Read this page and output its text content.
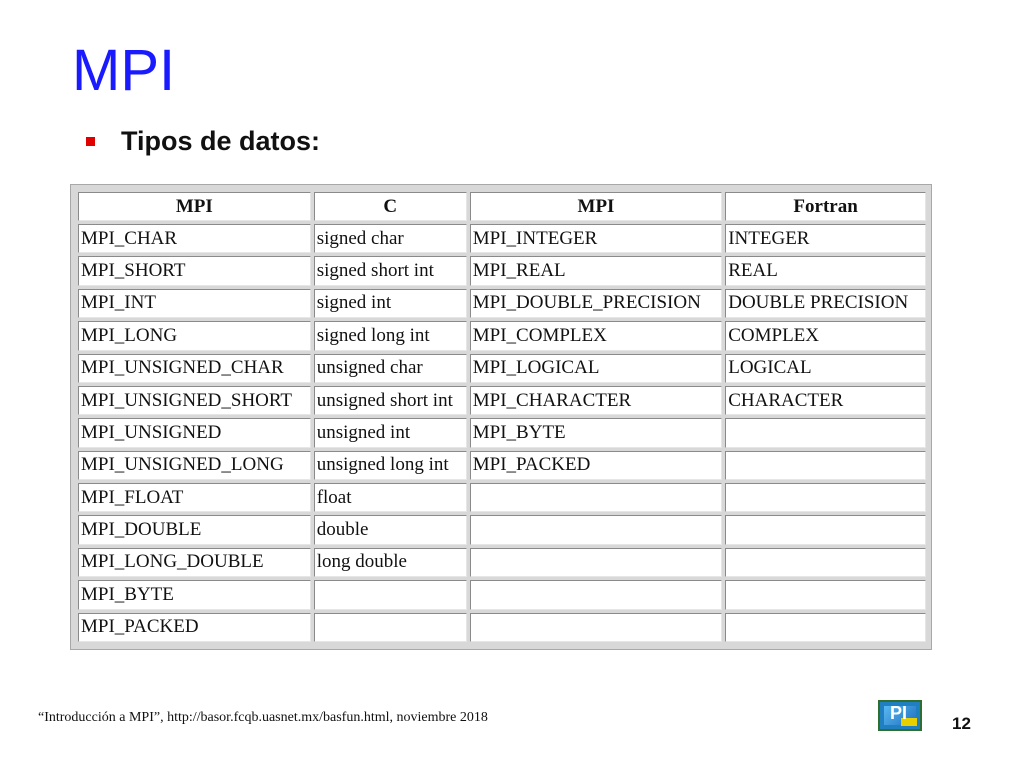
MPI
Tipos de datos:
MPI	C	MPI	Fortran
MPI_CHAR	signed char	MPI_INTEGER	INTEGER
MPI_SHORT	signed short int	MPI_REAL	REAL
MPI_INT	signed int	MPI_DOUBLE_PRECISION	DOUBLE PRECISION
MPI_LONG	signed long int	MPI_COMPLEX	COMPLEX
MPI_UNSIGNED_CHAR	unsigned char	MPI_LOGICAL	LOGICAL
MPI_UNSIGNED_SHORT	unsigned short int	MPI_CHARACTER	CHARACTER
MPI_UNSIGNED	unsigned int	MPI_BYTE	
MPI_UNSIGNED_LONG	unsigned long int	MPI_PACKED	
MPI_FLOAT	float		
MPI_DOUBLE	double		
MPI_LONG_DOUBLE	long double		
MPI_BYTE			
MPI_PACKED			
“Introducción a MPI”, http://basor.fcqb.uasnet.mx/basfun.html, noviembre 2018	PI
12
